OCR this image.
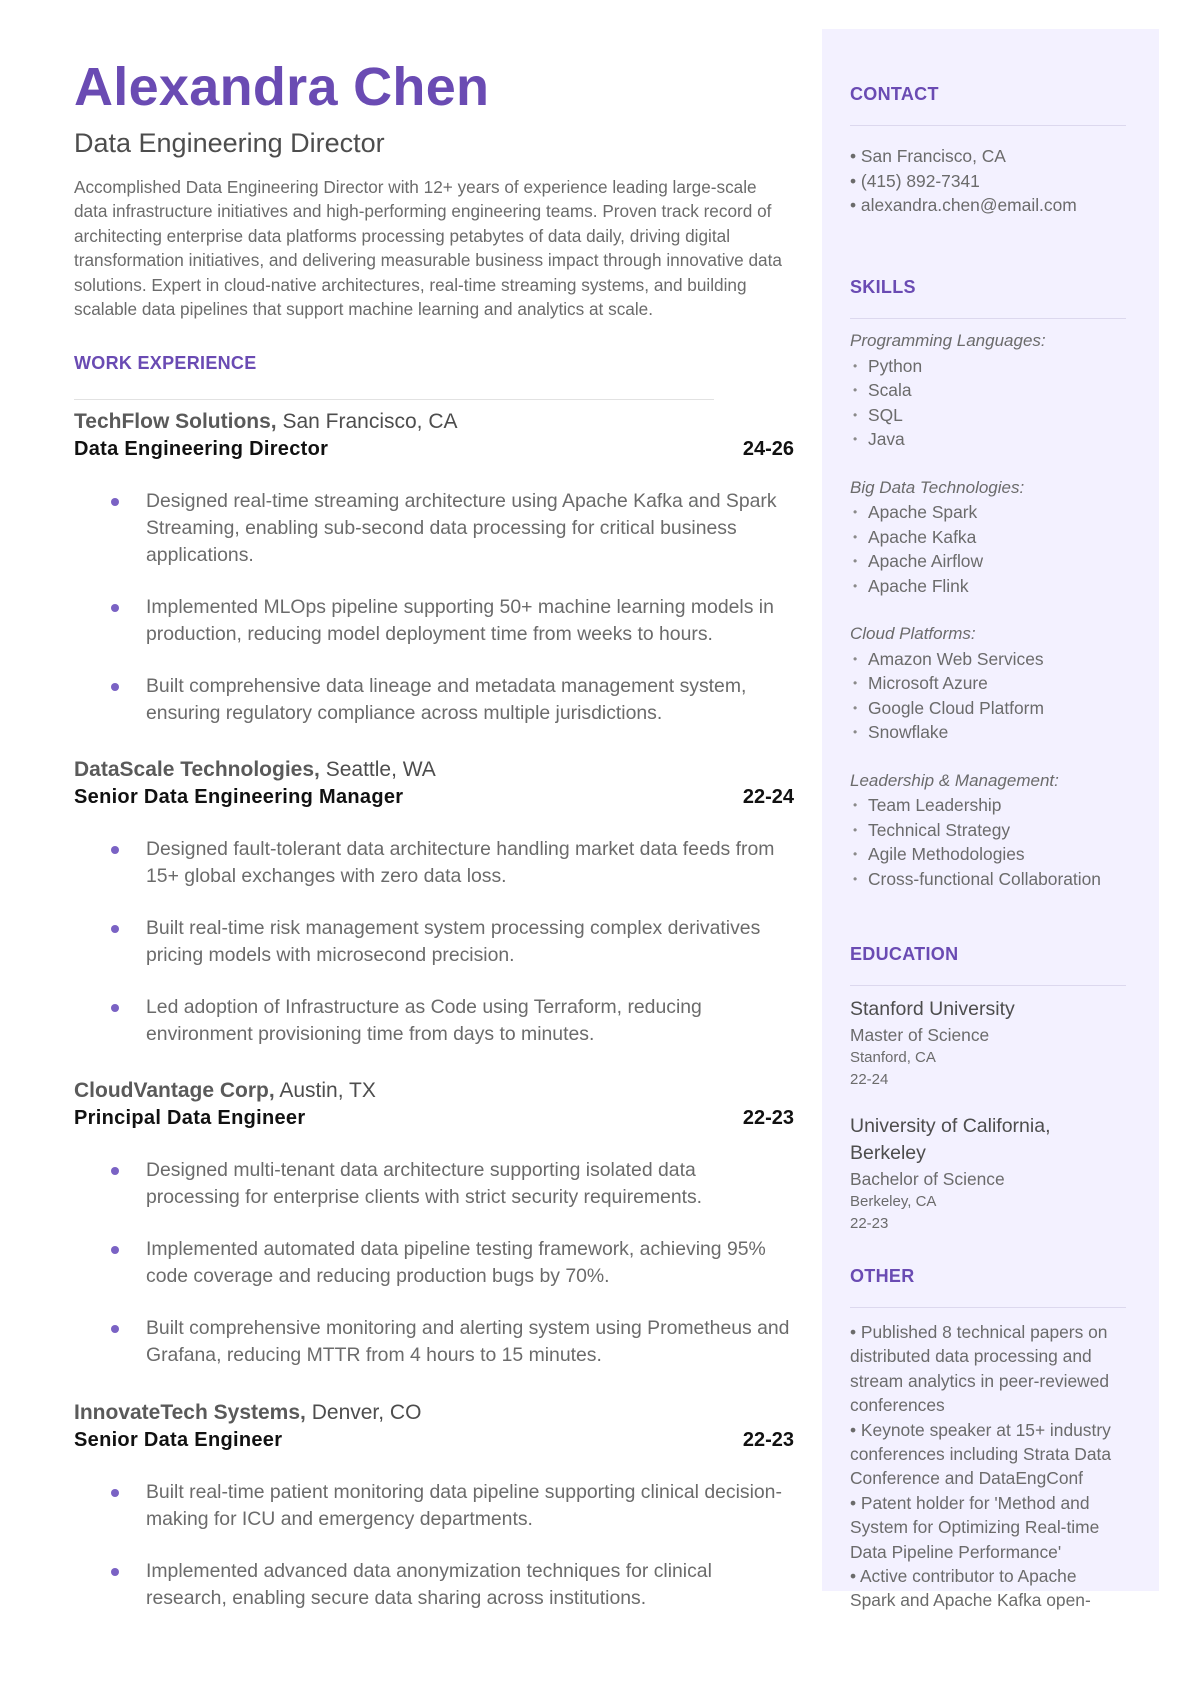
Alexandra Chen

Data Engineering Director

Accomplished Data Engineering Director with 12+ years of experience leading large-scale data infrastructure initiatives and high-performing engineering teams. Proven track record of architecting enterprise data platforms processing petabytes of data daily, driving digital transformation initiatives, and delivering measurable business impact through innovative data solutions. Expert in cloud-native architectures, real-time streaming systems, and building scalable data pipelines that support machine learning and analytics at scale.

WORK EXPERIENCE

TechFlow Solutions, San Francisco, CA

Data Engineering Director	24-26
Designed real-time streaming architecture using Apache Kafka and Spark Streaming, enabling sub-second data processing for critical business applications.
Implemented MLOps pipeline supporting 50+ machine learning models in production, reducing model deployment time from weeks to hours.
Built comprehensive data lineage and metadata management system, ensuring regulatory compliance across multiple jurisdictions.

DataScale Technologies, Seattle, WA

Senior Data Engineering Manager	22-24
Designed fault-tolerant data architecture handling market data feeds from 15+ global exchanges with zero data loss.
Built real-time risk management system processing complex derivatives pricing models with microsecond precision.
Led adoption of Infrastructure as Code using Terraform, reducing environment provisioning time from days to minutes.

CloudVantage Corp, Austin, TX

Principal Data Engineer	22-23
Designed multi-tenant data architecture supporting isolated data processing for enterprise clients with strict security requirements.
Implemented automated data pipeline testing framework, achieving 95% code coverage and reducing production bugs by 70%.
Built comprehensive monitoring and alerting system using Prometheus and Grafana, reducing MTTR from 4 hours to 15 minutes.

InnovateTech Systems, Denver, CO

Senior Data Engineer	22-23
Built real-time patient monitoring data pipeline supporting clinical decision-making for ICU and emergency departments.
Implemented advanced data anonymization techniques for clinical research, enabling secure data sharing across institutions.
CONTACT
• San Francisco, CA
• (415) 892-7341
• alexandra.chen@email.com
SKILLS

Programming Languages:

• Python
• Scala
• SQL
• Java

Big Data Technologies:

• Apache Spark
• Apache Kafka
• Apache Airflow
• Apache Flink

Cloud Platforms:

• Amazon Web Services
• Microsoft Azure
• Google Cloud Platform
• Snowflake

Leadership & Management:

• Team Leadership
• Technical Strategy
• Agile Methodologies
• Cross-functional Collaboration
EDUCATION

Stanford University

Master of Science

Stanford, CA

22-24

University of California, Berkeley

Bachelor of Science

Berkeley, CA

22-23

OTHER

• Published 8 technical papers on distributed data processing and stream analytics in peer-reviewed conferences
• Keynote speaker at 15+ industry conferences including Strata Data Conference and DataEngConf
• Patent holder for 'Method and System for Optimizing Real-time Data Pipeline Performance'
• Active contributor to Apache Spark and Apache Kafka open-
